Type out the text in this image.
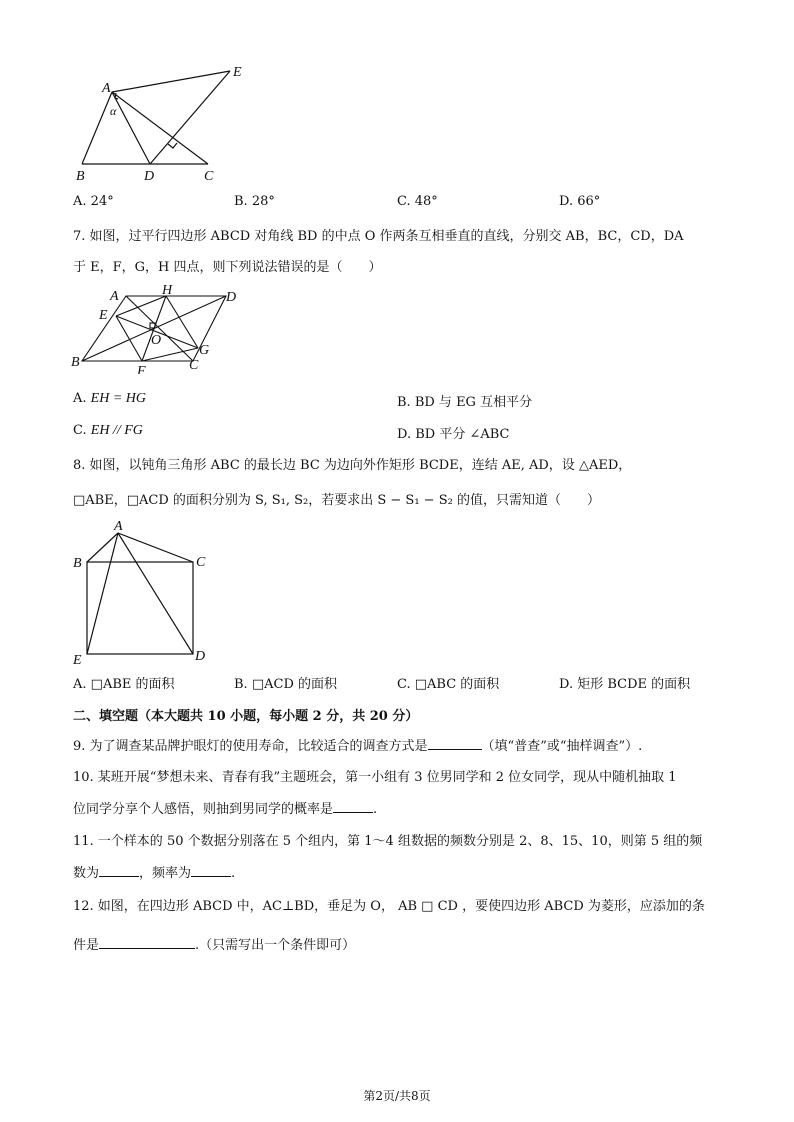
A
E
α
B	D	C
A. 24°	B. 28°	C. 48°	D. 66°
7. 如图，过平行四边形 ABCD 对角线 BD 的中点 O 作两条互相垂直的直线，分别交 AB，BC，CD，DA
于 E，F，G，H 四点，则下列说法错误的是（　　）
A	H	D
E
O
G
B
F	C
A. EH = HG	B. BD 与 EG 互相平分
C. EH // FG	D. BD 平分 ∠ABC
8. 如图，以钝角三角形 ABC 的最长边 BC 为边向外作矩形 BCDE，连结 AE, AD，设 △AED，
□ABE，□ACD 的面积分别为 S, S₁, S₂，若要求出 S − S₁ − S₂ 的值，只需知道（　　）
A
B	C
E	D
A. □ABE 的面积	B. □ACD 的面积	C. □ABC 的面积	D. 矩形 BCDE 的面积
二、填空题（本大题共 10 小题，每小题 2 分，共 20 分）
9. 为了调查某品牌护眼灯的使用寿命，比较适合的调查方式是	（填“普查”或“抽样调查”）.
10. 某班开展“梦想未来、青春有我”主题班会，第一小组有 3 位男同学和 2 位女同学，现从中随机抽取 1
位同学分享个人感悟，则抽到男同学的概率是	.
11. 一个样本的 50 个数据分别落在 5 个组内，第 1～4 组数据的频数分别是 2、8、15、10，则第 5 组的频
数为	，频率为	.
12. 如图，在四边形 ABCD 中，AC⊥BD，垂足为 O， AB □ CD ，要使四边形 ABCD 为菱形，应添加的条
件是	.（只需写出一个条件即可）
第2页/共8页
